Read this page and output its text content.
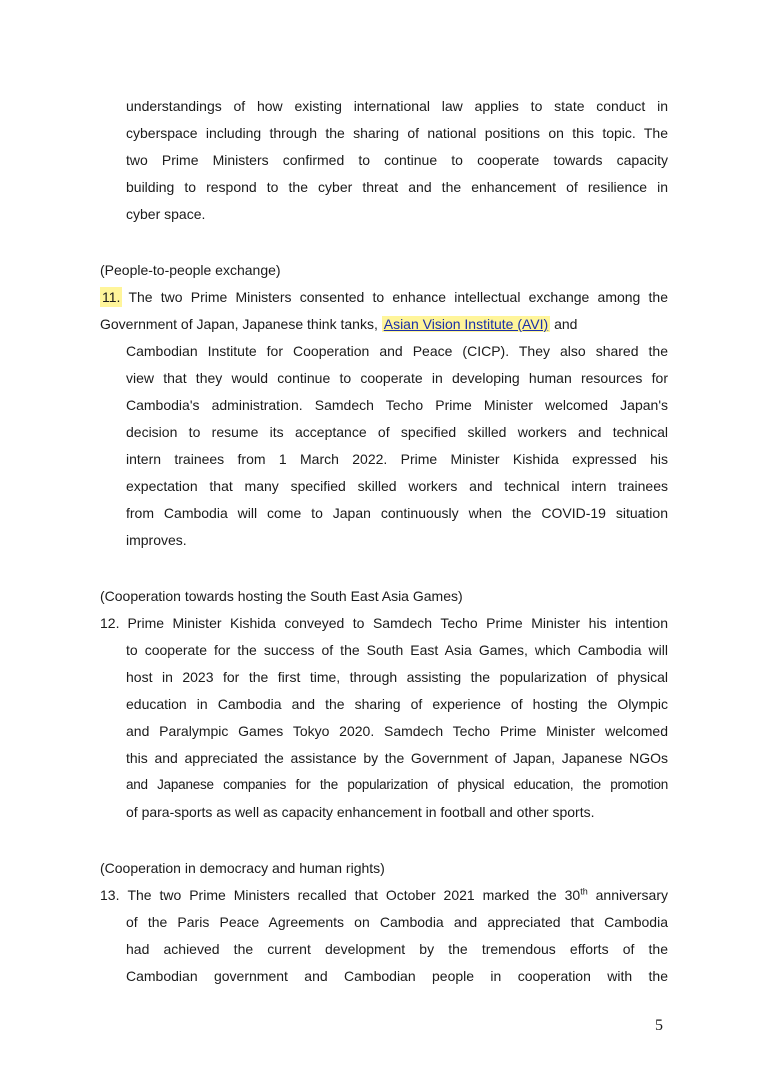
understandings of how existing international law applies to state conduct in
cyberspace including through the sharing of national positions on this topic. The
two Prime Ministers confirmed to continue to cooperate towards capacity
building to respond to the cyber threat and the enhancement of resilience in
cyber space.
(People-to-people exchange)
11. The two Prime Ministers consented to enhance intellectual exchange among the
Government of Japan, Japanese think tanks, Asian Vision Institute (AVI) and
Cambodian Institute for Cooperation and Peace (CICP). They also shared the
view that they would continue to cooperate in developing human resources for
Cambodia's administration. Samdech Techo Prime Minister welcomed Japan's
decision to resume its acceptance of specified skilled workers and technical
intern trainees from 1 March 2022. Prime Minister Kishida expressed his
expectation that many specified skilled workers and technical intern trainees
from Cambodia will come to Japan continuously when the COVID-19 situation
improves.
(Cooperation towards hosting the South East Asia Games)
12. Prime Minister Kishida conveyed to Samdech Techo Prime Minister his intention
to cooperate for the success of the South East Asia Games, which Cambodia will
host in 2023 for the first time, through assisting the popularization of physical
education in Cambodia and the sharing of experience of hosting the Olympic
and Paralympic Games Tokyo 2020. Samdech Techo Prime Minister welcomed
this and appreciated the assistance by the Government of Japan, Japanese NGOs
and Japanese companies for the popularization of physical education, the promotion
of para-sports as well as capacity enhancement in football and other sports.
(Cooperation in democracy and human rights)
13. The two Prime Ministers recalled that October 2021 marked the 30th anniversary
of the Paris Peace Agreements on Cambodia and appreciated that Cambodia
had achieved the current development by the tremendous efforts of the
Cambodian government and Cambodian people in cooperation with the
5
